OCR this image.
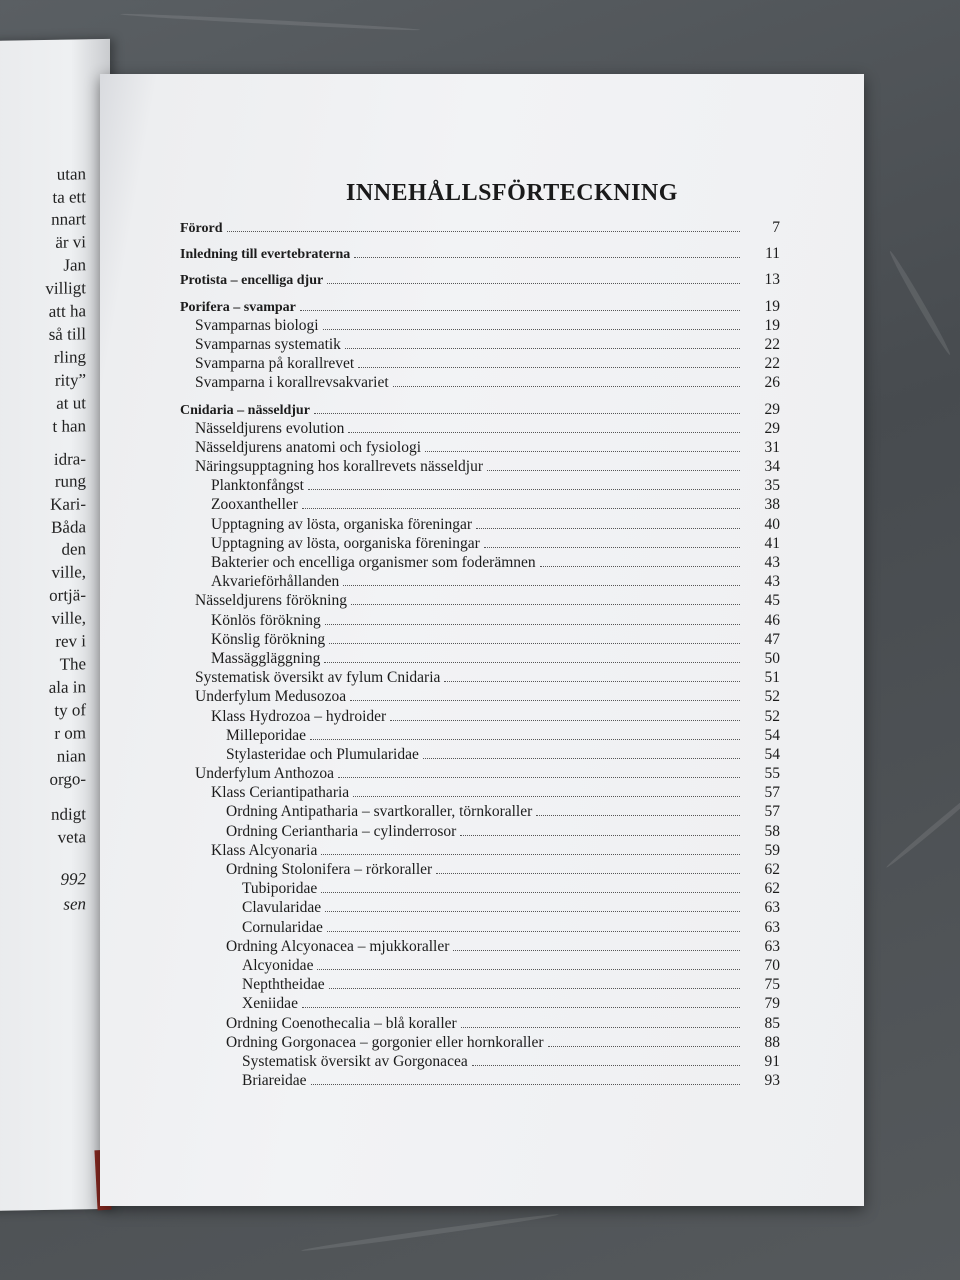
utan
ta ett
nnart
är vi
Jan
villigt
att ha
så till
rling
rity”
at ut
t han
idra-
rung
Kari-
Båda
den
ville,
ortjä-
ville,
rev i
The
ala in
ty of
r om
nian
orgo-
ndigt
veta
992
sen
INNEHÅLLSFÖRTECKNING
Förord	7
Inledning till evertebraterna	11
Protista – encelliga djur	13
Porifera – svampar	19
Svamparnas biologi	19
Svamparnas systematik	22
Svamparna på korallrevet	22
Svamparna i korallrevsakvariet	26
Cnidaria – nässeldjur	29
Nässeldjurens evolution	29
Nässeldjurens anatomi och fysiologi	31
Näringsupptagning hos korallrevets nässeldjur	34
Planktonfångst	35
Zooxantheller	38
Upptagning av lösta, organiska föreningar	40
Upptagning av lösta, oorganiska föreningar	41
Bakterier och encelliga organismer som foderämnen	43
Akvarieförhållanden	43
Nässeldjurens förökning	45
Könlös förökning	46
Könslig förökning	47
Massäggläggning	50
Systematisk översikt av fylum Cnidaria	51
Underfylum Medusozoa	52
Klass Hydrozoa – hydroider	52
Milleporidae	54
Stylasteridae och Plumularidae	54
Underfylum Anthozoa	55
Klass Ceriantipatharia	57
Ordning Antipatharia – svartkoraller, törnkoraller	57
Ordning Ceriantharia – cylinderrosor	58
Klass Alcyonaria	59
Ordning Stolonifera – rörkoraller	62
Tubiporidae	62
Clavularidae	63
Cornularidae	63
Ordning Alcyonacea – mjukkoraller	63
Alcyonidae	70
Nepththeidae	75
Xeniidae	79
Ordning Coenothecalia – blå koraller	85
Ordning Gorgonacea – gorgonier eller hornkoraller	88
Systematisk översikt av Gorgonacea	91
Briareidae	93
